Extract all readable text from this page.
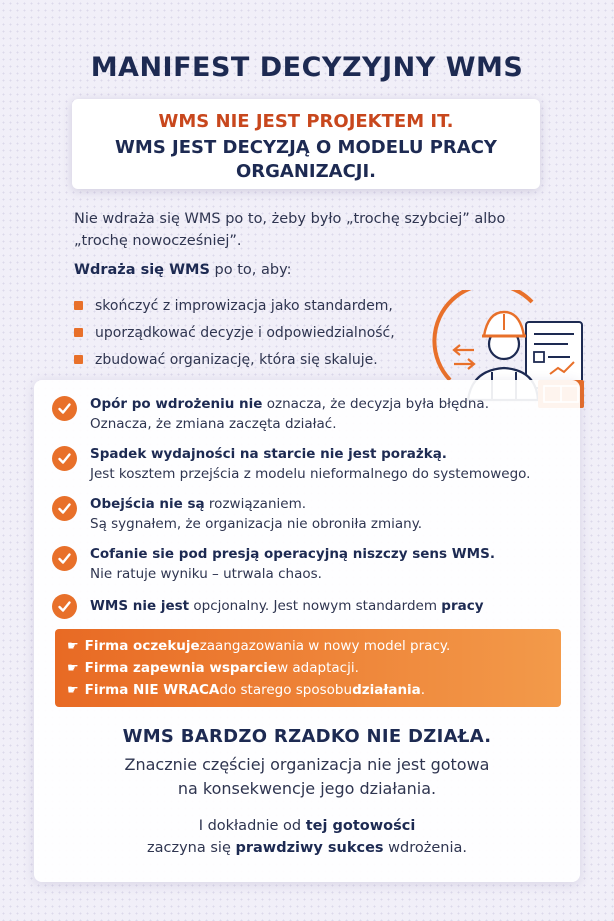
MANIFEST DECYZYJNY WMS
WMS NIE JEST PROJEKTEM IT.
WMS JEST DECYZJĄ O MODELU PRACY
ORGANIZACJI.

Nie wdraża się WMS po to, żeby było „trochę szybciej” albo
„trochę nowocześniej”.

Wdraża się WMS po to, aby:

skończyć z improwizacja jako standardem,
uporządkować decyzje i odpowiedzialność,
zbudować organizację, która się skaluje.
Opór po wdrożeniu nie oznacza, że decyzja była błędna.
Oznacza, że zmiana zaczęta działać.
Spadek wydajności na starcie nie jest porażką.
Jest kosztem przejścia z modelu nieformalnego do systemowego.
Obejścia nie są rozwiązaniem.
Są sygnałem, że organizacja nie obroniła zmiany.
Cofanie sie pod presją operacyjną niszczy sens WMS.
Nie ratuje wyniku – utrwala chaos.
WMS nie jest opcjonalny. Jest nowym standardem pracy
☛ Firma oczekuje zaangazowania w nowy model pracy.
☛ Firma zapewnia wsparcie w adaptacji.
☛ Firma NIE WRACA do starego sposobu działania .
WMS BARDZO RZADKO NIE DZIAŁA.
Znacznie częściej organizacja nie jest gotowa
na konsekwencje jego działania.
I dokładnie od tej gotowości
zaczyna się prawdziwy sukces wdrożenia.
